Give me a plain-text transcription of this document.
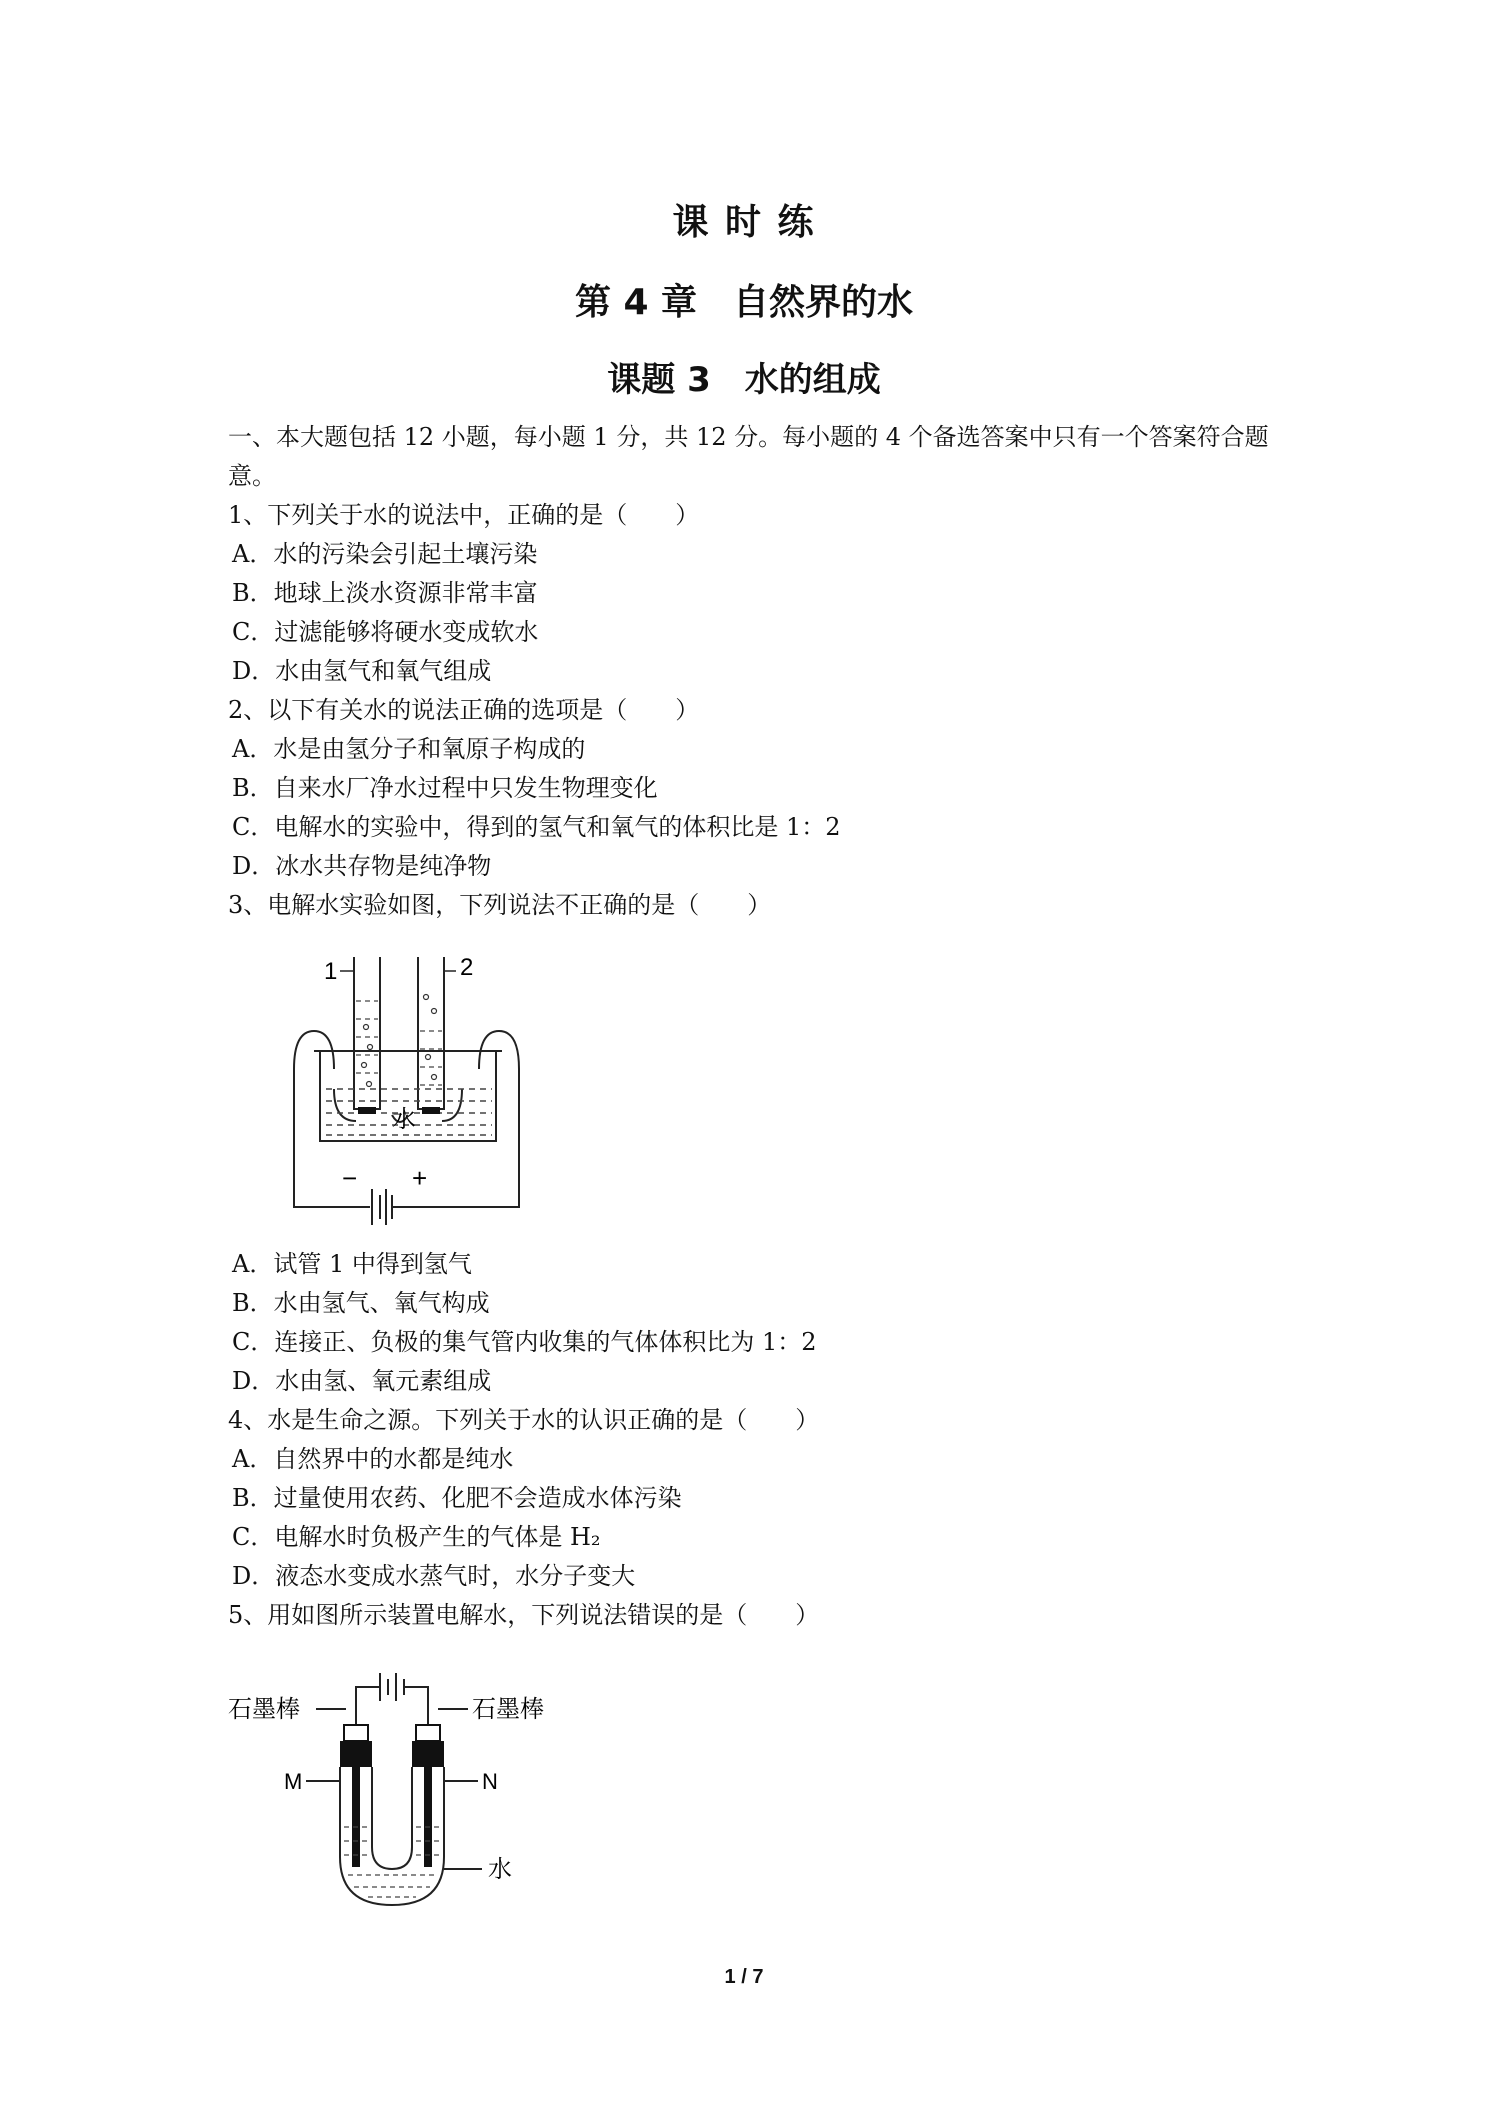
课 时 练
第 4 章　自然界的水
课题 3　水的组成

一、本大题包括 12 小题，每小题 1 分，共 12 分。每小题的 4 个备选答案中只有一个答案符合题意。

1、下列关于水的说法中，正确的是（　　）
A．水的污染会引起土壤污染
B．地球上淡水资源非常丰富
C．过滤能够将硬水变成软水
D．水由氢气和氧气组成
2、以下有关水的说法正确的选项是（　　）
A．水是由氢分子和氧原子构成的
B．自来水厂净水过程中只发生物理变化
C．电解水的实验中，得到的氢气和氧气的体积比是 1：2
D．冰水共存物是纯净物
3、电解水实验如图，下列说法不正确的是（　　）
1	2
水
− +
A．试管 1 中得到氢气
B．水由氢气、氧气构成
C．连接正、负极的集气管内收集的气体体积比为 1：2
D．水由氢、氧元素组成
4、水是生命之源。下列关于水的认识正确的是（　　）
A．自然界中的水都是纯水
B．过量使用农药、化肥不会造成水体污染
C．电解水时负极产生的气体是 H₂
D．液态水变成水蒸气时，水分子变大
5、用如图所示装置电解水，下列说法错误的是（　　）
石墨棒	石墨棒
M	N
水
1 / 7
